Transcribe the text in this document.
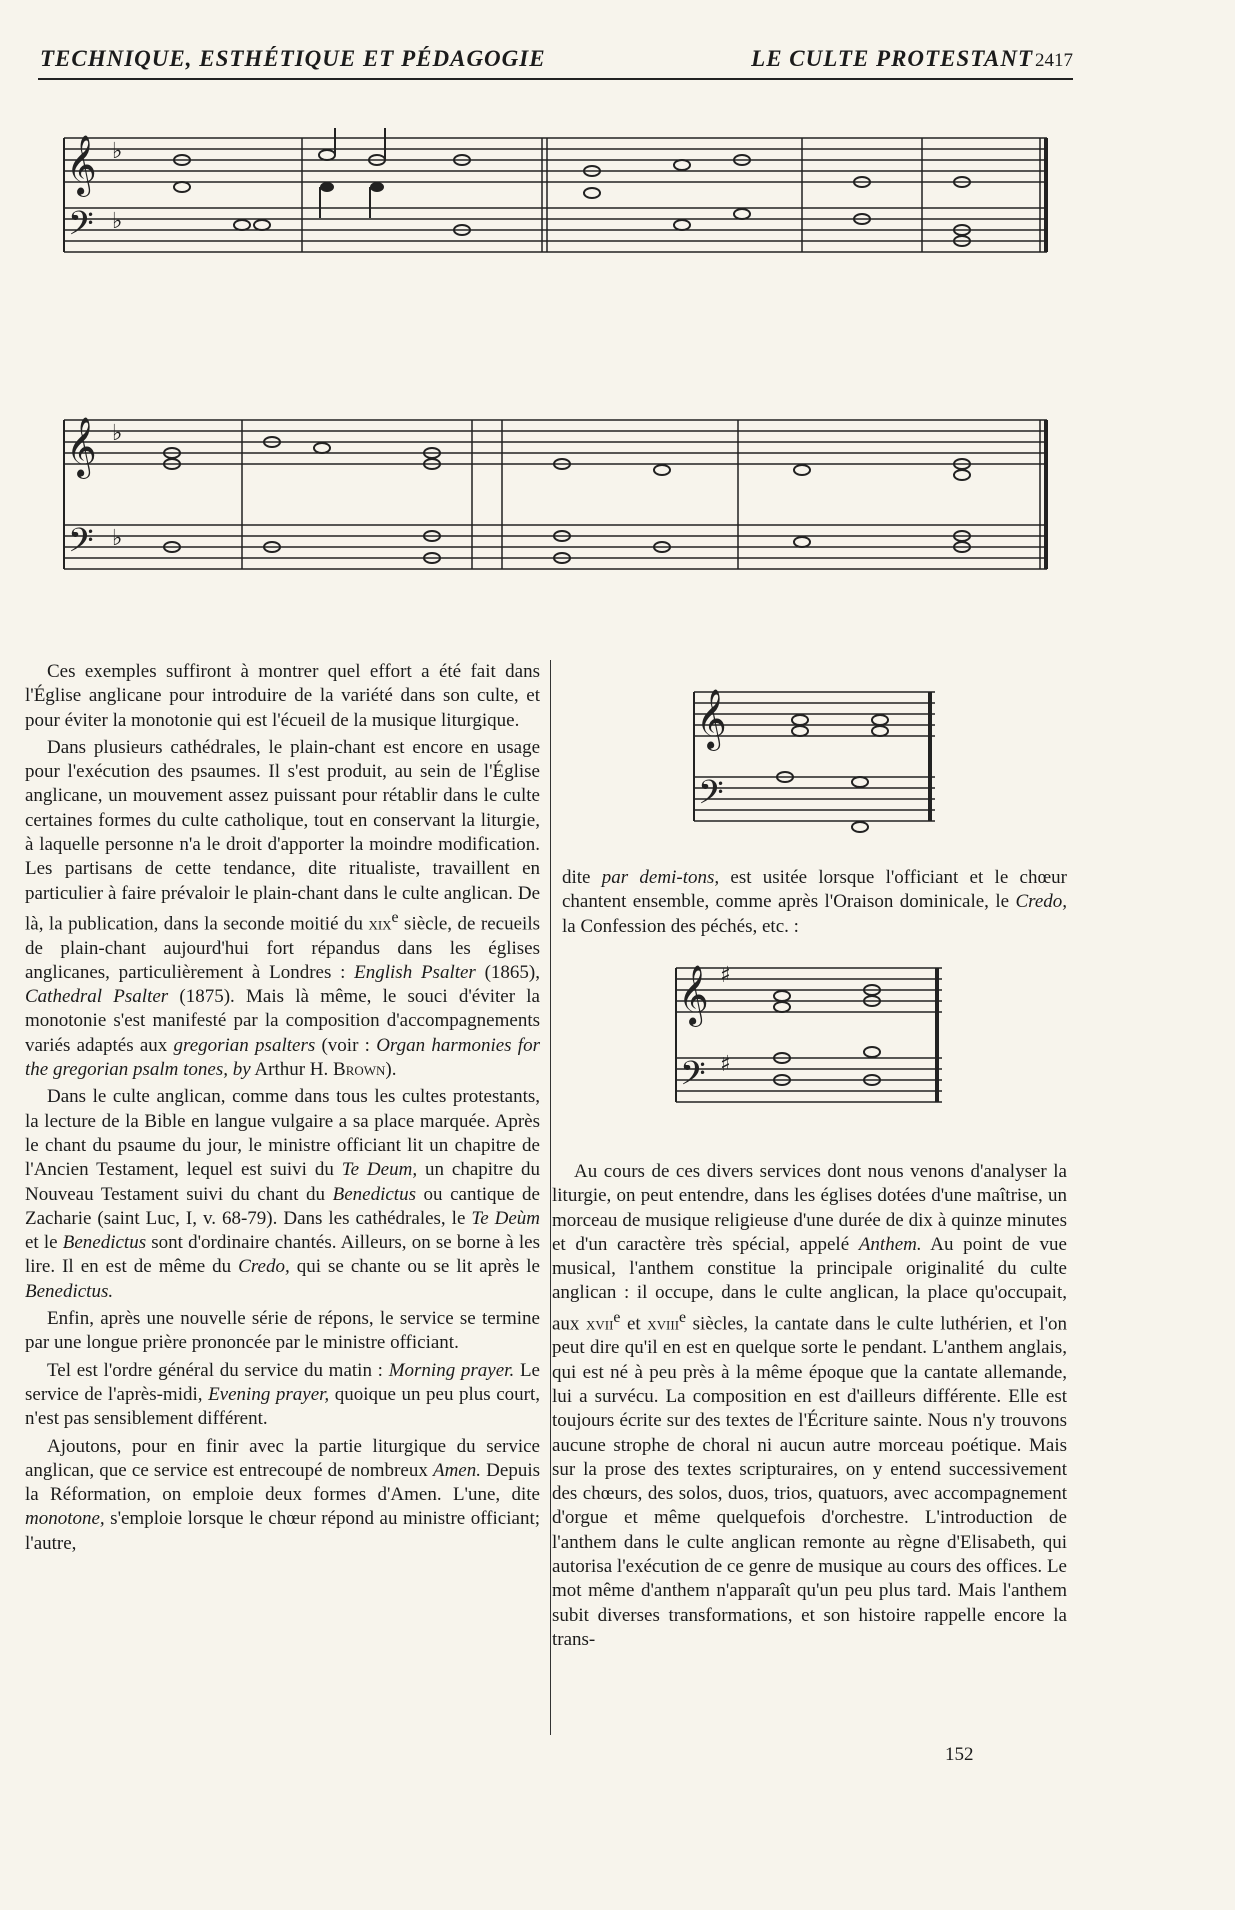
TECHNIQUE, ESTHÉTIQUE ET PÉDAGOGIE	LE CULTE PROTESTANT 2417
𝄞
𝄢
♭
♭
𝄞
𝄢
♭
♭
𝄞
𝄢
𝄞
𝄢
♯
♯

Ces exemples suffiront à montrer quel effort a été fait dans l'Église anglicane pour introduire de la variété dans son culte, et pour éviter la monotonie qui est l'écueil de la musique liturgique.

Dans plusieurs cathédrales, le plain-chant est encore en usage pour l'exécution des psaumes. Il s'est produit, au sein de l'Église anglicane, un mouvement assez puissant pour rétablir dans le culte certaines formes du culte catholique, tout en conservant la liturgie, à laquelle personne n'a le droit d'apporter la moindre modification. Les partisans de cette tendance, dite ritualiste, travaillent en particulier à faire prévaloir le plain-chant dans le culte anglican. De là, la publication, dans la seconde moitié du xix$^e$ siècle, de recueils de plain-chant aujourd'hui fort répandus dans les églises anglicanes, particulièrement à Londres : English Psalter (1865), Cathedral Psalter (1875). Mais là même, le souci d'éviter la monotonie s'est manifesté par la composition d'accompagnements variés adaptés aux gregorian psalters (voir : Organ harmonies for the gregorian psalm tones, by Arthur H. Brown).

Dans le culte anglican, comme dans tous les cultes protestants, la lecture de la Bible en langue vulgaire a sa place marquée. Après le chant du psaume du jour, le ministre officiant lit un chapitre de l'Ancien Testament, lequel est suivi du Te Deum, un chapitre du Nouveau Testament suivi du chant du Benedictus ou cantique de Zacharie (saint Luc, I, v. 68-79). Dans les cathédrales, le Te Deùm et le Benedictus sont d'ordinaire chantés. Ailleurs, on se borne à les lire. Il en est de même du Credo, qui se chante ou se lit après le Benedictus.

Enfin, après une nouvelle série de répons, le service se termine par une longue prière prononcée par le ministre officiant.

Tel est l'ordre général du service du matin : Morning prayer. Le service de l'après-midi, Evening prayer, quoique un peu plus court, n'est pas sensiblement différent.

Ajoutons, pour en finir avec la partie liturgique du service anglican, que ce service est entrecoupé de nombreux Amen. Depuis la Réformation, on emploie deux formes d'Amen. L'une, dite monotone, s'emploie lorsque le chœur répond au ministre officiant; l'autre,

dite par demi-tons, est usitée lorsque l'officiant et le chœur chantent ensemble, comme après l'Oraison dominicale, le Credo, la Confession des péchés, etc. :

Au cours de ces divers services dont nous venons d'analyser la liturgie, on peut entendre, dans les églises dotées d'une maîtrise, un morceau de musique religieuse d'une durée de dix à quinze minutes et d'un caractère très spécial, appelé Anthem. Au point de vue musical, l'anthem constitue la principale originalité du culte anglican : il occupe, dans le culte anglican, la place qu'occupait, aux xvii$^e$ et xviii$^e$ siècles, la cantate dans le culte luthérien, et l'on peut dire qu'il en est en quelque sorte le pendant. L'anthem anglais, qui est né à peu près à la même époque que la cantate allemande, lui a survécu. La composition en est d'ailleurs différente. Elle est toujours écrite sur des textes de l'Écriture sainte. Nous n'y trouvons aucune strophe de choral ni aucun autre morceau poétique. Mais sur la prose des textes scripturaires, on y entend successivement des chœurs, des solos, duos, trios, quatuors, avec accompagnement d'orgue et même quelquefois d'orchestre. L'introduction de l'anthem dans le culte anglican remonte au règne d'Elisabeth, qui autorisa l'exécution de ce genre de musique au cours des offices. Le mot même d'anthem n'apparaît qu'un peu plus tard. Mais l'anthem subit diverses transformations, et son histoire rappelle encore la trans-

152
